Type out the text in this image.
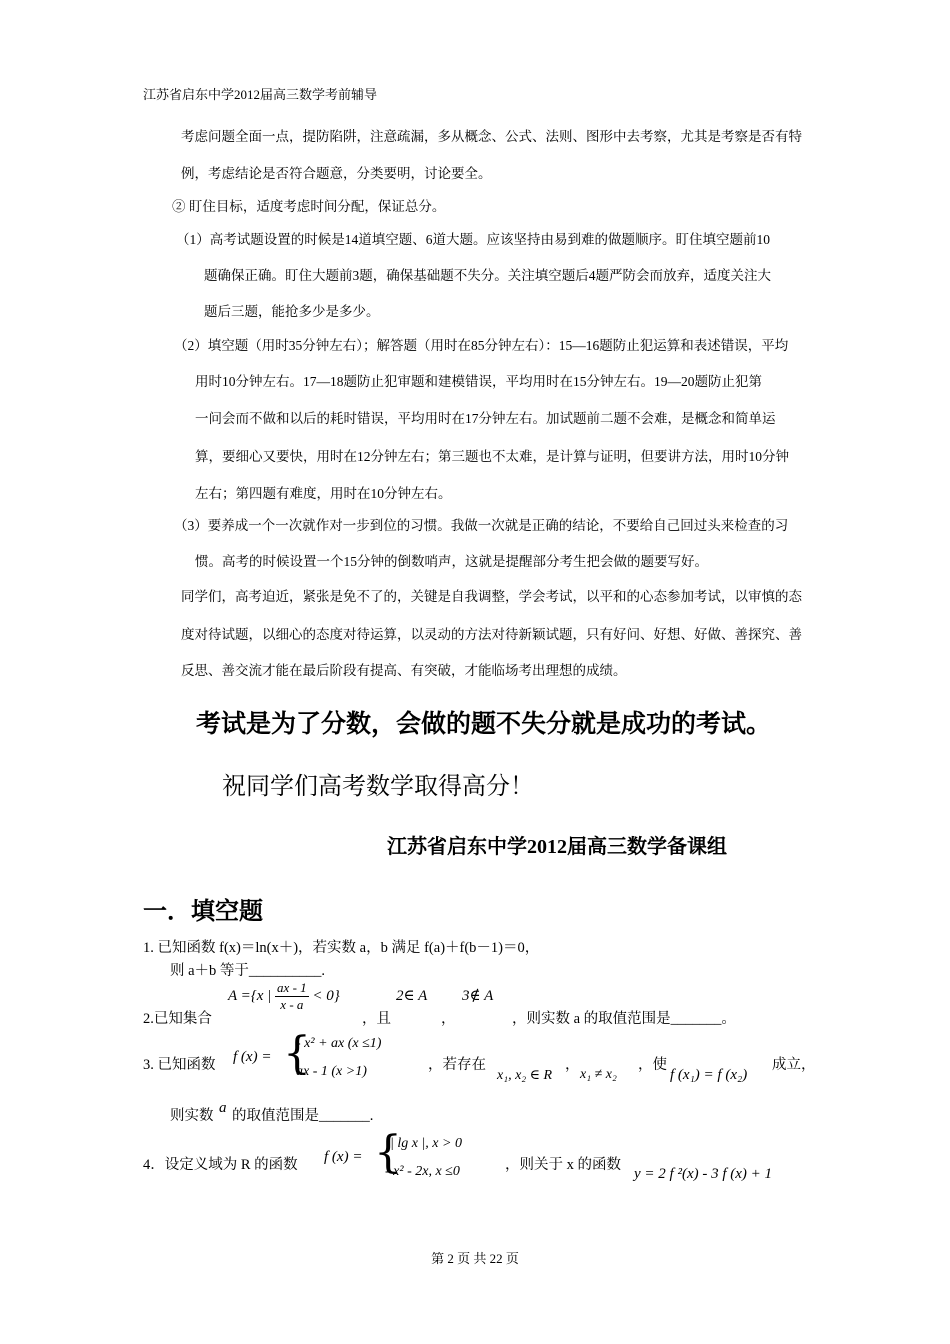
江苏省启东中学2012届高三数学考前辅导
考虑问题全面一点，提防陷阱，注意疏漏，多从概念、公式、法则、图形中去考察，尤其是考察是否有特
例，考虑结论是否符合题意，分类要明，讨论要全。
② 盯住目标，适度考虑时间分配，保证总分。
（1）高考试题设置的时候是14道填空题、6道大题。应该坚持由易到难的做题顺序。盯住填空题前10
题确保正确。盯住大题前3题，确保基础题不失分。关注填空题后4题严防会而放弃，适度关注大
题后三题，能抢多少是多少。
（2）填空题（用时35分钟左右）；解答题（用时在85分钟左右）：15—16题防止犯运算和表述错误，平均
用时10分钟左右。17—18题防止犯审题和建模错误，平均用时在15分钟左右。19—20题防止犯第
一问会而不做和以后的耗时错误，平均用时在17分钟左右。加试题前二题不会难，是概念和简单运
算，要细心又要快，用时在12分钟左右；第三题也不太难，是计算与证明，但要讲方法，用时10分钟
左右；第四题有难度，用时在10分钟左右。
（3）要养成一个一次就作对一步到位的习惯。我做一次就是正确的结论，不要给自己回过头来检查的习
惯。高考的时候设置一个15分钟的倒数哨声，这就是提醒部分考生把会做的题要写好。
同学们，高考迫近，紧张是免不了的，关键是自我调整，学会考试，以平和的心态参加考试，以审慎的态
度对待试题，以细心的态度对待运算，以灵动的方法对待新颖试题，只有好问、好想、好做、善探究、善
反思、善交流才能在最后阶段有提高、有突破，才能临场考出理想的成绩。
考试是为了分数，会做的题不失分就是成功的考试。
祝同学们高考数学取得高分！
江苏省启东中学2012届高三数学备课组
一．填空题
1. 已知函数 f(x)＝ln(x＋)，若实数 a，b 满足 f(a)＋f(b－1)＝0，
则 a＋b 等于__________.
2.已知集合
A ={x | $\frac{ax - 1}{x - a} < 0$}
，且
2∈ A
，
3∉ A
，则实数 a 的取值范围是_______。
3. 已知函数 f (x) = {
- x² + ax (x ≤1)
ax - 1 (x >1)	，若存在
x₁, x₂ ∈ R
，
x₁ ≠ x₂
，使
f (x₁) = f (x₂)
成立，
则实数 a 的取值范围是_______.
4．设定义域为 R 的函数 f (x) = {
| lg x |, x > 0
- x² - 2x, x ≤0	，则关于 x 的函数
y = 2 f ²(x) - 3 f (x) + 1
第 2 页 共 22 页
